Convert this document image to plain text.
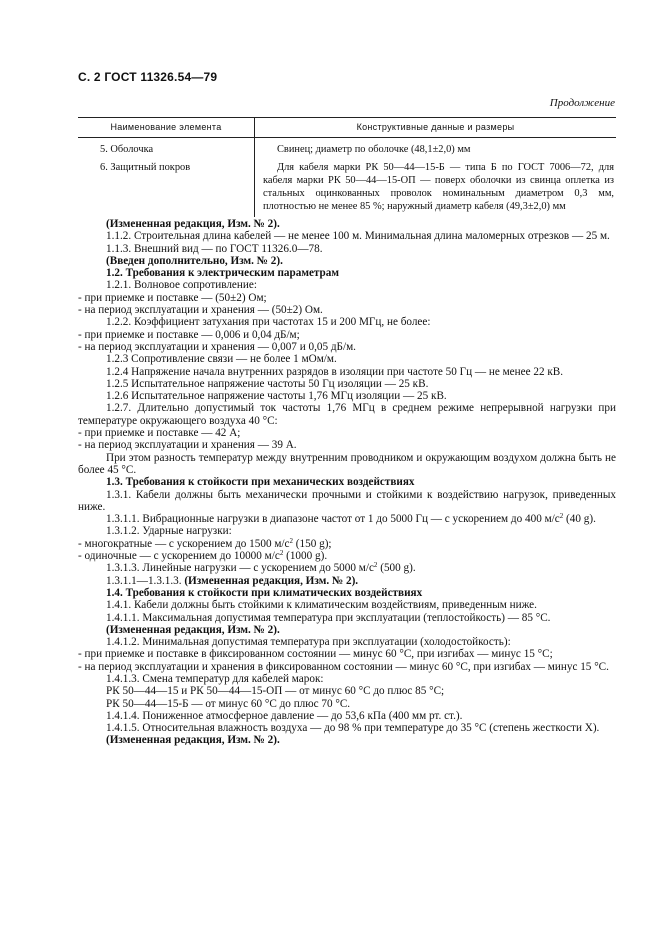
С. 2 ГОСТ 11326.54—79
Продолжение
Наименование элемента	Конструктивные данные и размеры
5. Оболочка	Свинец; диаметр по оболочке (48,1±2,0) мм
6. Защитный покров	Для кабеля марки РК 50—44—15-Б — типа Б по ГОСТ 7006—72, для кабеля марки РК 50—44—15-ОП — поверх оболочки из свинца оплетка из стальных оцинкованных проволок номинальным диаметром 0,3 мм, плотностью не менее 85 %; наружный диаметр кабеля (49,3±2,0) мм

(Измененная редакция, Изм. № 2).

1.1.2. Строительная длина кабелей — не менее 100 м. Минимальная длина маломерных отрезков — 25 м.

1.1.3. Внешний вид — по ГОСТ 11326.0—78.

(Введен дополнительно, Изм. № 2).

1.2. Требования к электрическим параметрам

1.2.1. Волновое сопротивление:

- при приемке и поставке — (50±2) Ом;

- на период эксплуатации и хранения — (50±2) Ом.

1.2.2. Коэффициент затухания при частотах 15 и 200 МГц, не более:

- при приемке и поставке — 0,006 и 0,04 дБ/м;

- на период эксплуатации и хранения — 0,007 и 0,05 дБ/м.

1.2.3 Сопротивление связи — не более 1 мОм/м.

1.2.4 Напряжение начала внутренних разрядов в изоляции при частоте 50 Гц — не менее 22 кВ.

1.2.5 Испытательное напряжение частоты 50 Гц изоляции — 25 кВ.

1.2.6 Испытательное напряжение частоты 1,76 МГц изоляции — 25 кВ.

1.2.7. Длительно допустимый ток частоты 1,76 МГц в среднем режиме непрерывной нагрузки при температуре окружающего воздуха 40 °С:

- при приемке и поставке — 42 А;

- на период эксплуатации и хранения — 39 А.

При этом разность температур между внутренним проводником и окружающим воздухом должна быть не более 45 °С.

1.3. Требования к стойкости при механических воздействиях

1.3.1. Кабели должны быть механически прочными и стойкими к воздействию нагрузок, приведенных ниже.

1.3.1.1. Вибрационные нагрузки в диапазоне частот от 1 до 5000 Гц — с ускорением до 400 $м/с^2$ (40 g).

1.3.1.2. Ударные нагрузки:

- многократные — с ускорением до 1500 $м/с^2$ (150 g);

- одиночные — с ускорением до 10000 $м/с^2$ (1000 g).

1.3.1.3. Линейные нагрузки — с ускорением до 5000 $м/с^2$ (500 g).

1.3.1.1—1.3.1.3. (Измененная редакция, Изм. № 2).

1.4. Требования к стойкости при климатических воздействиях

1.4.1. Кабели должны быть стойкими к климатическим воздействиям, приведенным ниже.

1.4.1.1. Максимальная допустимая температура при эксплуатации (теплостойкость) — 85 °С.

(Измененная редакция, Изм. № 2).

1.4.1.2. Минимальная допустимая температура при эксплуатации (холодостойкость):

- при приемке и поставке в фиксированном состоянии — минус 60 °С, при изгибах — минус 15 °С;

- на период эксплуатации и хранения в фиксированном состоянии — минус 60 °С, при изгибах — минус 15 °С.

1.4.1.3. Смена температур для кабелей марок:

РК 50—44—15 и РК 50—44—15-ОП — от минус 60 °С до плюс 85 °С;

РК 50—44—15-Б — от минус 60 °С до плюс 70 °С.

1.4.1.4. Пониженное атмосферное давление — до 53,6 кПа (400 мм рт. ст.).

1.4.1.5. Относительная влажность воздуха — до 98 % при температуре до 35 °С (степень жесткости X).

(Измененная редакция, Изм. № 2).
